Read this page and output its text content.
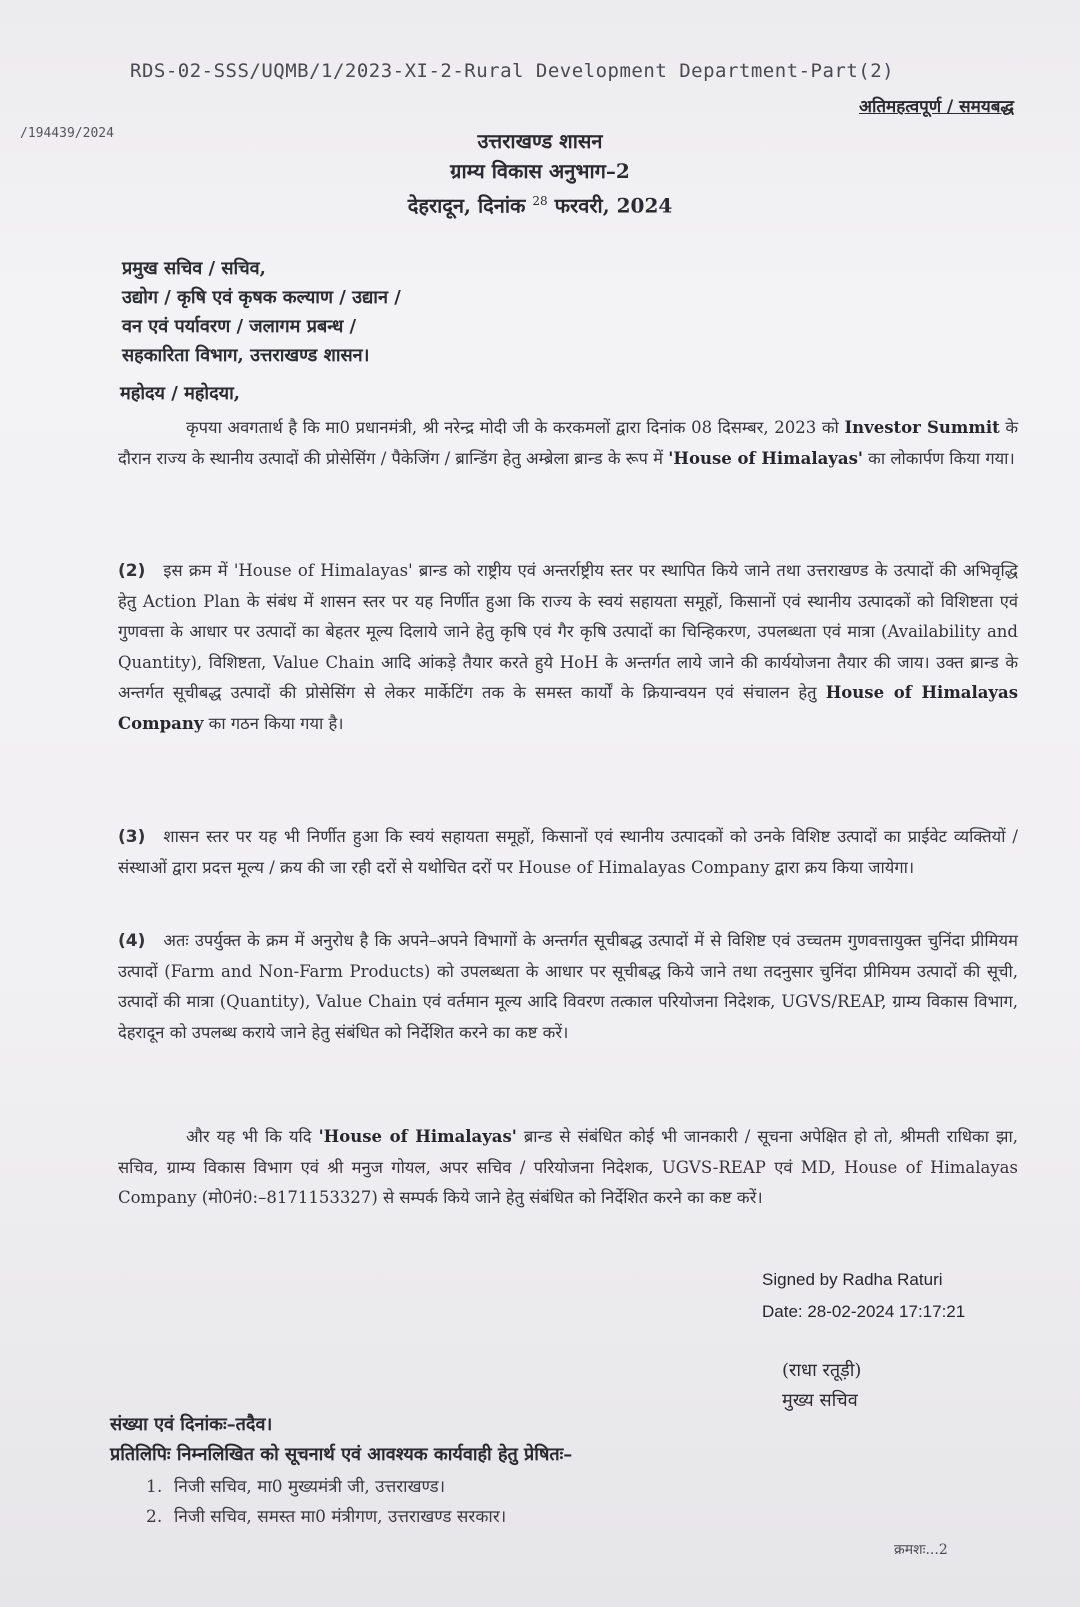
RDS-02-SSS/UQMB/1/2023-XI-2-Rural Development Department-Part(2)
अतिमहत्वपूर्ण / समयबद्ध
/194439/2024	उत्तराखण्ड शासन
ग्राम्य विकास अनुभाग–2
देहरादून, दिनांक $^{28}$ फरवरी, 2024
प्रमुख सचिव / सचिव,
उद्योग / कृषि एवं कृषक कल्याण / उद्यान /
वन एवं पर्यावरण / जलागम प्रबन्ध /
सहकारिता विभाग, उत्तराखण्ड शासन।
महोदय / महोदया,
कृपया अवगतार्थ है कि मा0 प्रधानमंत्री, श्री नरेन्द्र मोदी जी के करकमलों द्वारा दिनांक 08 दिसम्बर, 2023 को Investor Summit के दौरान राज्य के स्थानीय उत्पादों की प्रोसेसिंग / पैकेजिंग / ब्रान्डिंग हेतु अम्ब्रेला ब्रान्ड के रूप में 'House of Himalayas' का लोकार्पण किया गया।
(2) इस क्रम में 'House of Himalayas' ब्रान्ड को राष्ट्रीय एवं अन्तर्राष्ट्रीय स्तर पर स्थापित किये जाने तथा उत्तराखण्ड के उत्पादों की अभिवृद्धि हेतु Action Plan के संबंध में शासन स्तर पर यह निर्णीत हुआ कि राज्य के स्वयं सहायता समूहों, किसानों एवं स्थानीय उत्पादकों को विशिष्टता एवं गुणवत्ता के आधार पर उत्पादों का बेहतर मूल्य दिलाये जाने हेतु कृषि एवं गैर कृषि उत्पादों का चिन्हिकरण, उपलब्धता एवं मात्रा (Availability and Quantity), विशिष्टता, Value Chain आदि आंकड़े तैयार करते हुये HoH के अन्तर्गत लाये जाने की कार्ययोजना तैयार की जाय। उक्त ब्रान्ड के अन्तर्गत सूचीबद्ध उत्पादों की प्रोसेसिंग से लेकर मार्केटिंग तक के समस्त कार्यों के क्रियान्वयन एवं संचालन हेतु House of Himalayas Company का गठन किया गया है।
(3) शासन स्तर पर यह भी निर्णीत हुआ कि स्वयं सहायता समूहों, किसानों एवं स्थानीय उत्पादकों को उनके विशिष्ट उत्पादों का प्राईवेट व्यक्तियों / संस्थाओं द्वारा प्रदत्त मूल्य / क्रय की जा रही दरों से यथोचित दरों पर House of Himalayas Company द्वारा क्रय किया जायेगा।
(4) अतः उपर्युक्त के क्रम में अनुरोध है कि अपने–अपने विभागों के अन्तर्गत सूचीबद्ध उत्पादों में से विशिष्ट एवं उच्चतम गुणवत्तायुक्त चुनिंदा प्रीमियम उत्पादों (Farm and Non-Farm Products) को उपलब्धता के आधार पर सूचीबद्ध किये जाने तथा तदनुसार चुनिंदा प्रीमियम उत्पादों की सूची, उत्पादों की मात्रा (Quantity), Value Chain एवं वर्तमान मूल्य आदि विवरण तत्काल परियोजना निदेशक, UGVS/REAP, ग्राम्य विकास विभाग, देहरादून को उपलब्ध कराये जाने हेतु संबंधित को निर्देशित करने का कष्ट करें।
और यह भी कि यदि 'House of Himalayas' ब्रान्ड से संबंधित कोई भी जानकारी / सूचना अपेक्षित हो तो, श्रीमती राधिका झा, सचिव, ग्राम्य विकास विभाग एवं श्री मनुज गोयल, अपर सचिव / परियोजना निदेशक, UGVS-REAP एवं MD, House of Himalayas Company (मो0नं0:–8171153327) से सम्पर्क किये जाने हेतु संबंधित को निर्देशित करने का कष्ट करें।
Signed by Radha Raturi
Date: 28-02-2024 17:17:21
(राधा रतूड़ी)
मुख्य सचिव
संख्या एवं दिनांकः–तदैव।
प्रतिलिपिः निम्नलिखित को सूचनार्थ एवं आवश्यक कार्यवाही हेतु प्रेषितः–
1. निजी सचिव, मा0 मुख्यमंत्री जी, उत्तराखण्ड।
2. निजी सचिव, समस्त मा0 मंत्रीगण, उत्तराखण्ड सरकार।
क्रमशः...2
